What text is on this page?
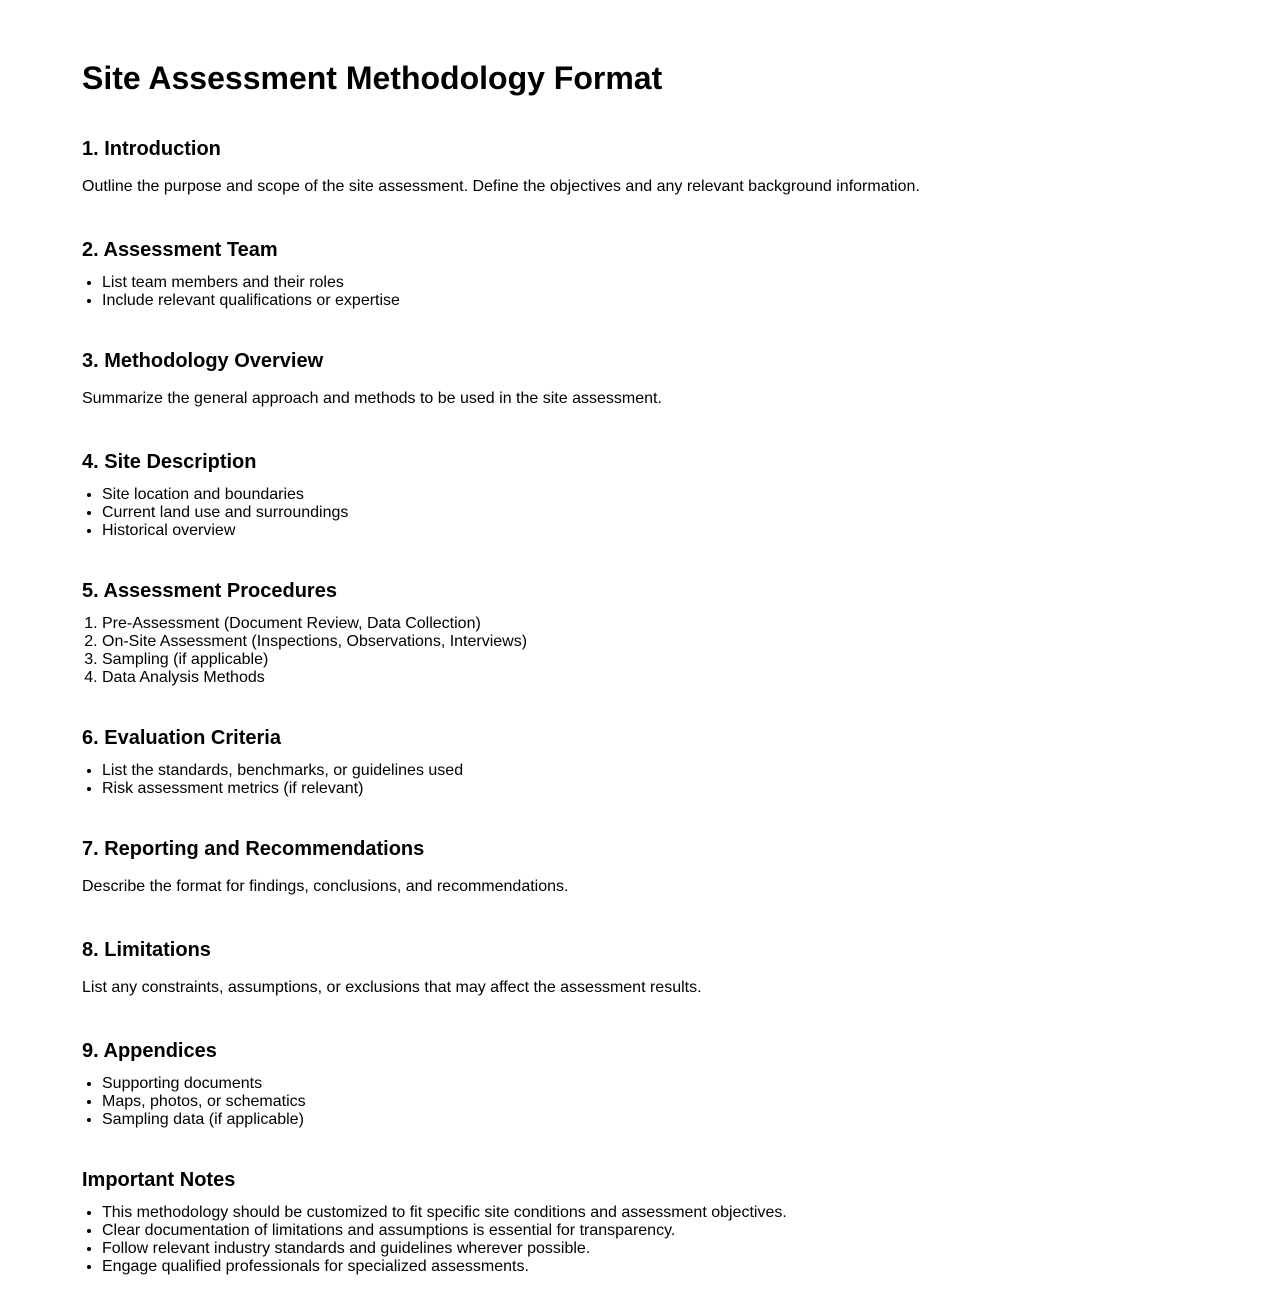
Site Assessment Methodology Format
1. Introduction

Outline the purpose and scope of the site assessment. Define the objectives and any relevant background information.

2. Assessment Team
• List team members and their roles
• Include relevant qualifications or expertise
3. Methodology Overview

Summarize the general approach and methods to be used in the site assessment.

4. Site Description
• Site location and boundaries
• Current land use and surroundings
• Historical overview
5. Assessment Procedures
1. Pre-Assessment (Document Review, Data Collection)
2. On-Site Assessment (Inspections, Observations, Interviews)
3. Sampling (if applicable)
4. Data Analysis Methods
6. Evaluation Criteria
• List the standards, benchmarks, or guidelines used
• Risk assessment metrics (if relevant)
7. Reporting and Recommendations

Describe the format for findings, conclusions, and recommendations.

8. Limitations

List any constraints, assumptions, or exclusions that may affect the assessment results.

9. Appendices
• Supporting documents
• Maps, photos, or schematics
• Sampling data (if applicable)
Important Notes
• This methodology should be customized to fit specific site conditions and assessment objectives.
• Clear documentation of limitations and assumptions is essential for transparency.
• Follow relevant industry standards and guidelines wherever possible.
• Engage qualified professionals for specialized assessments.
